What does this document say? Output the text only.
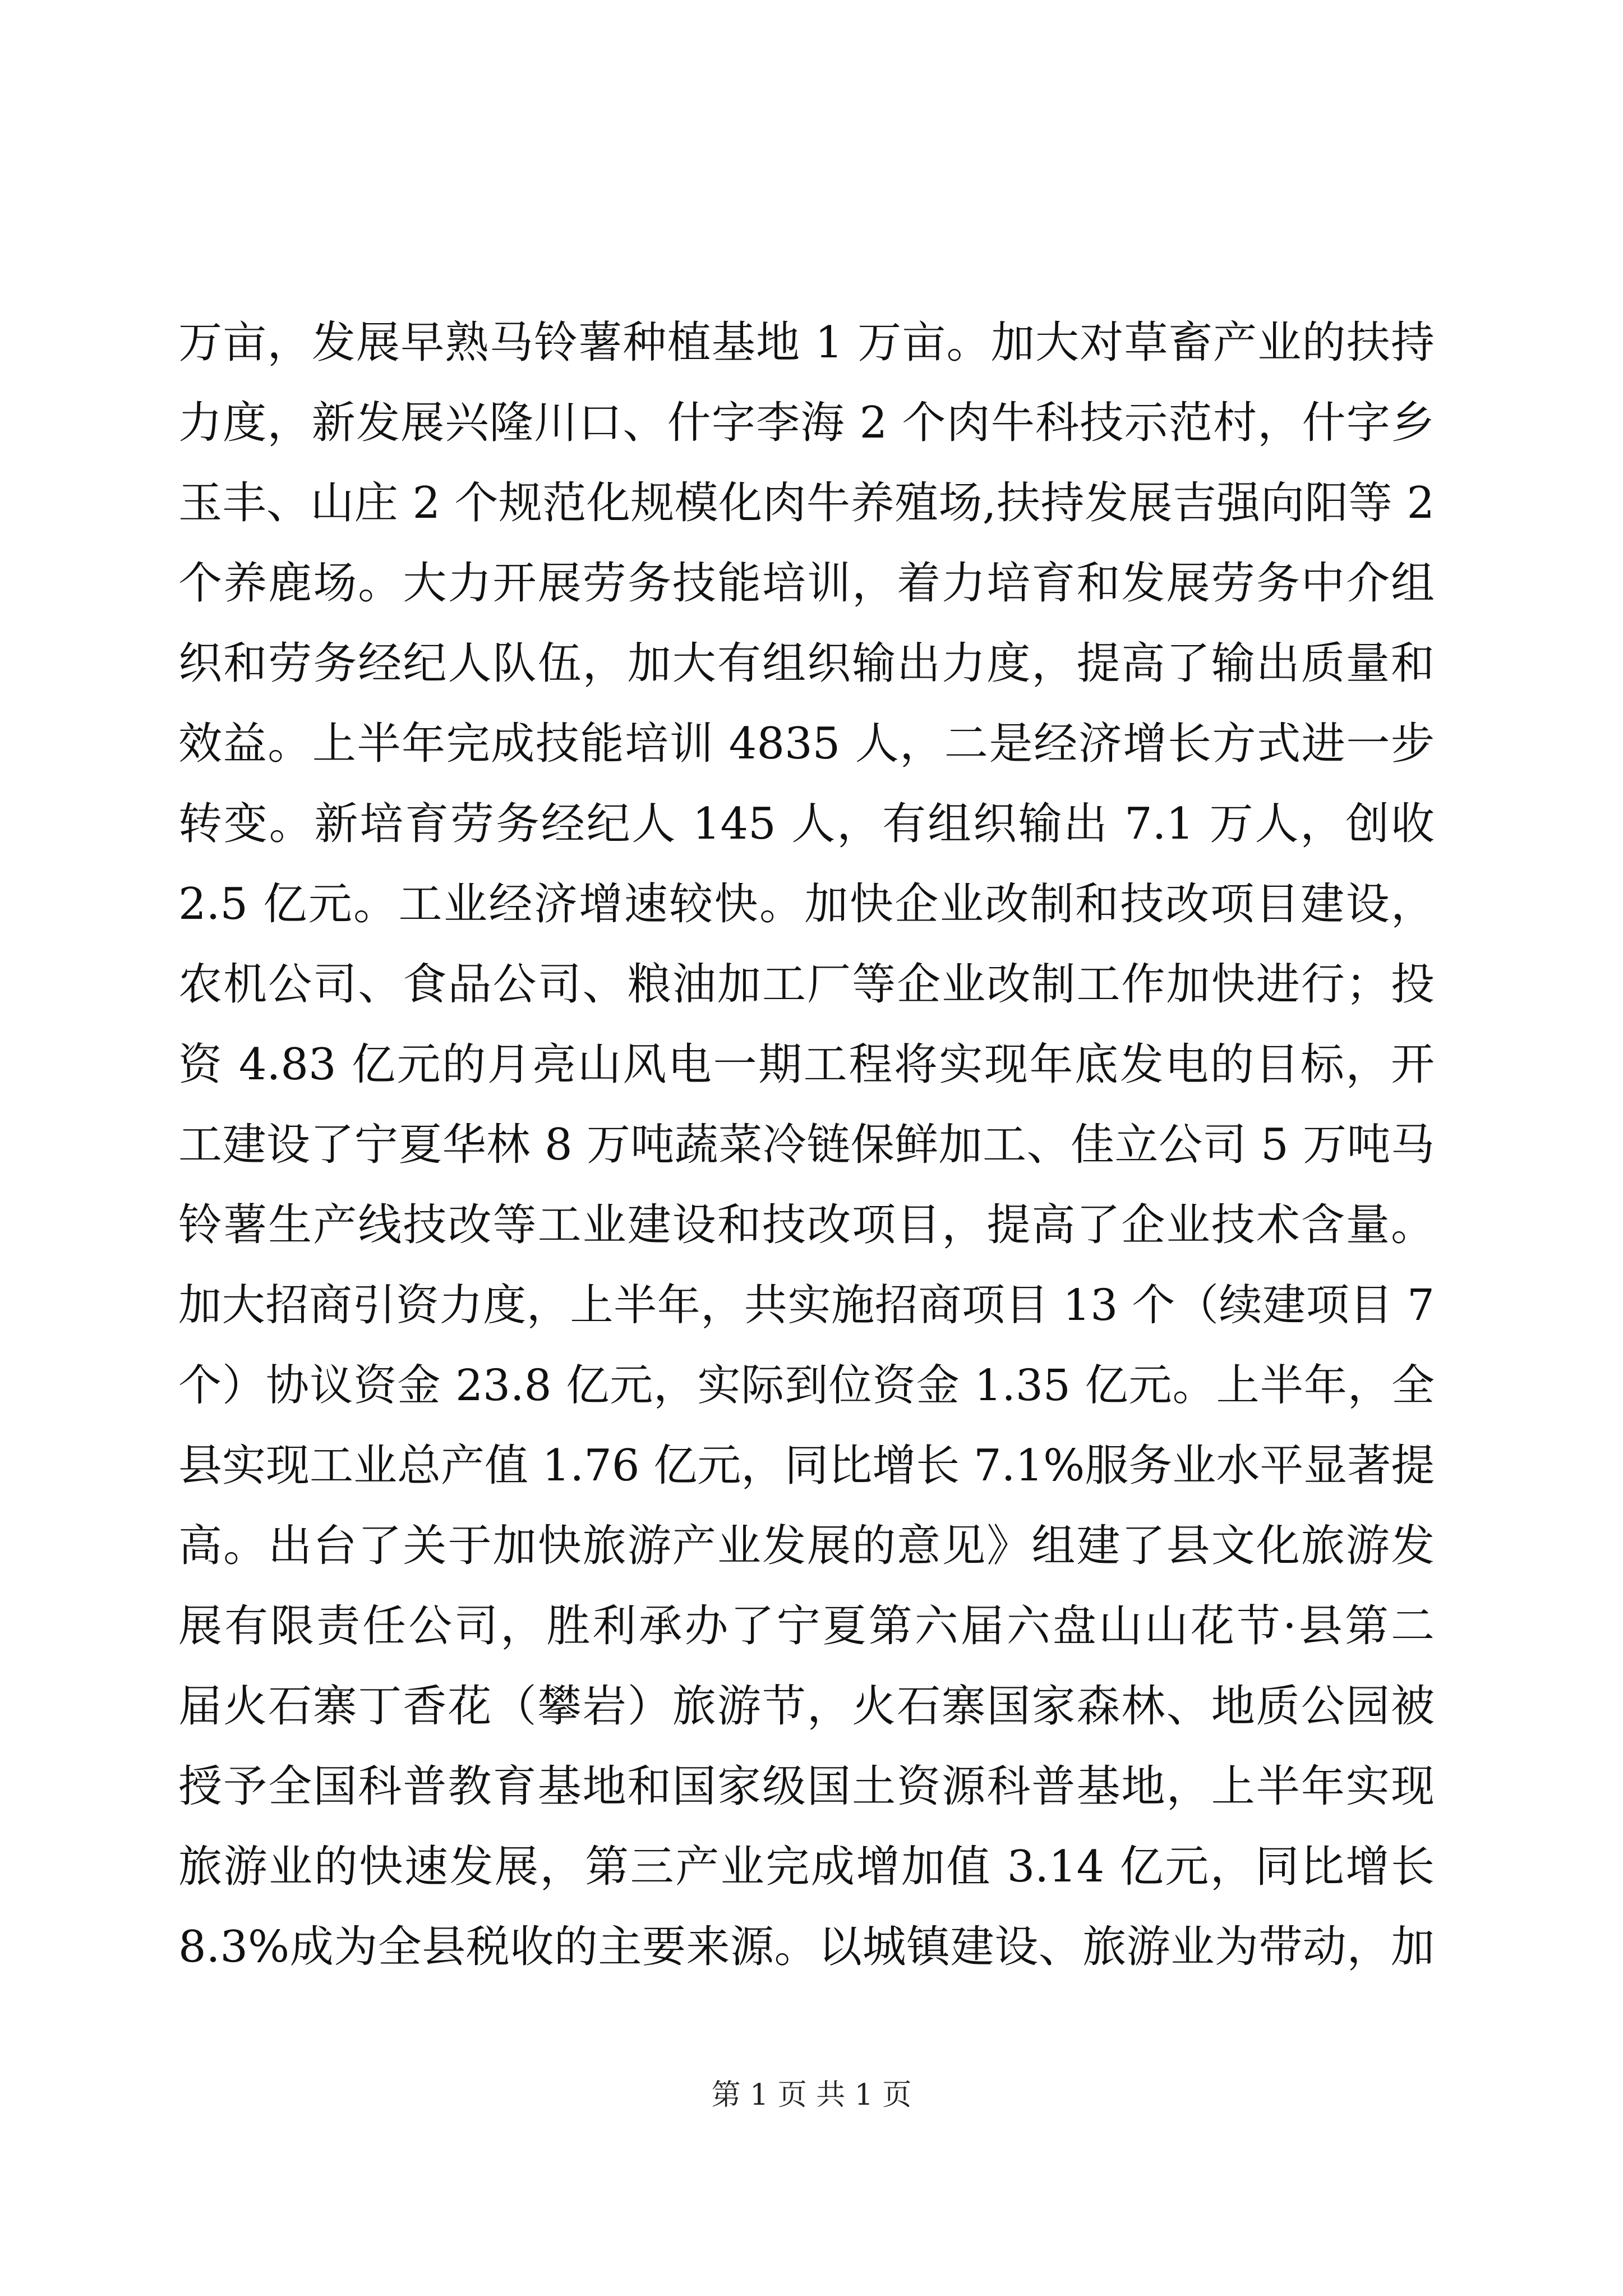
万亩，发展早熟马铃薯种植基地 1 万亩。加大对草畜产业的扶持
力度，新发展兴隆川口、什字李海 2 个肉牛科技示范村，什字乡
玉丰、山庄 2 个规范化规模化肉牛养殖场,扶持发展吉强向阳等 2
个养鹿场。大力开展劳务技能培训，着力培育和发展劳务中介组
织和劳务经纪人队伍，加大有组织输出力度，提高了输出质量和
效益。上半年完成技能培训 4835 人，二是经济增长方式进一步
转变。新培育劳务经纪人 145 人，有组织输出 7.1 万人，创收
2.5 亿元。工业经济增速较快。加快企业改制和技改项目建设，
农机公司、食品公司、粮油加工厂等企业改制工作加快进行；投
资 4.83 亿元的月亮山风电一期工程将实现年底发电的目标，开
工建设了宁夏华林 8 万吨蔬菜冷链保鲜加工、佳立公司 5 万吨马
铃薯生产线技改等工业建设和技改项目，提高了企业技术含量。
加大招商引资力度，上半年，共实施招商项目 13 个（续建项目 7
个）协议资金 23.8 亿元，实际到位资金 1.35 亿元。上半年，全
县实现工业总产值 1.76 亿元，同比增长 7.1%服务业水平显著提
高。出台了关于加快旅游产业发展的意见》组建了县文化旅游发
展有限责任公司，胜利承办了宁夏第六届六盘山山花节·县第二
届火石寨丁香花（攀岩）旅游节，火石寨国家森林、地质公园被
授予全国科普教育基地和国家级国土资源科普基地，上半年实现
旅游业的快速发展，第三产业完成增加值 3.14 亿元，同比增长
8.3%成为全县税收的主要来源。以城镇建设、旅游业为带动，加
第 1 页 共 1 页
